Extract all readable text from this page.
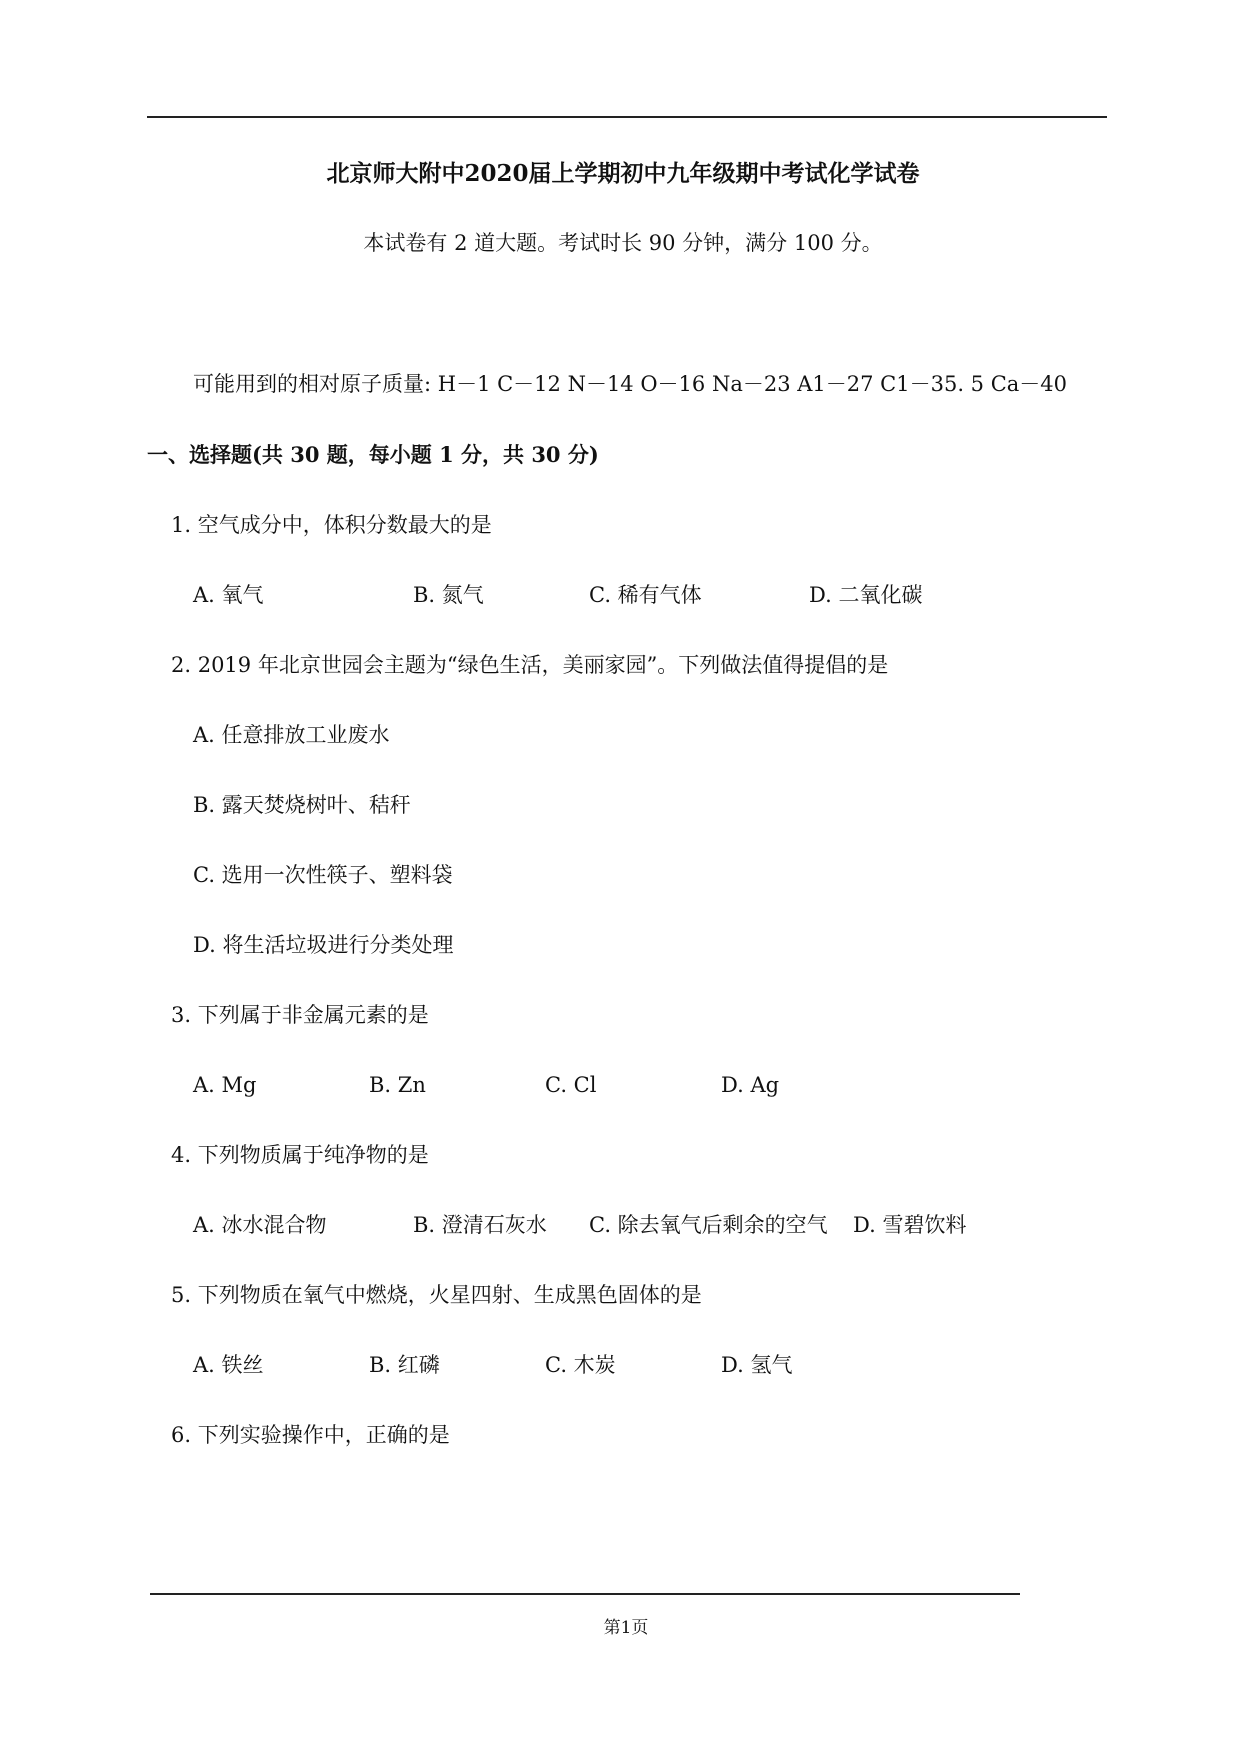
北京师大附中2020届上学期初中九年级期中考试化学试卷
本试卷有 2 道大题。考试时长 90 分钟，满分 100 分。
可能用到的相对原子质量: H－1 C－12 N－14 O－16 Na－23 A1－27 C1－35. 5 Ca－40
一、选择题(共 30 题，每小题 1 分，共 30 分)
1. 空气成分中，体积分数最大的是
A. 氧气	B. 氮气	C. 稀有气体	D. 二氧化碳
2. 2019 年北京世园会主题为“绿色生活，美丽家园”。下列做法值得提倡的是
A. 任意排放工业废水
B. 露天焚烧树叶、秸秆
C. 选用一次性筷子、塑料袋
D. 将生活垃圾进行分类处理
3. 下列属于非金属元素的是
A. Mg	B. Zn	C. Cl	D. Ag
4. 下列物质属于纯净物的是
A. 冰水混合物	B. 澄清石灰水 C. 除去氧气后剩余的空气 D. 雪碧饮料
5. 下列物质在氧气中燃烧，火星四射、生成黑色固体的是
A. 铁丝	B. 红磷	C. 木炭	D. 氢气
6. 下列实验操作中，正确的是
第1页
